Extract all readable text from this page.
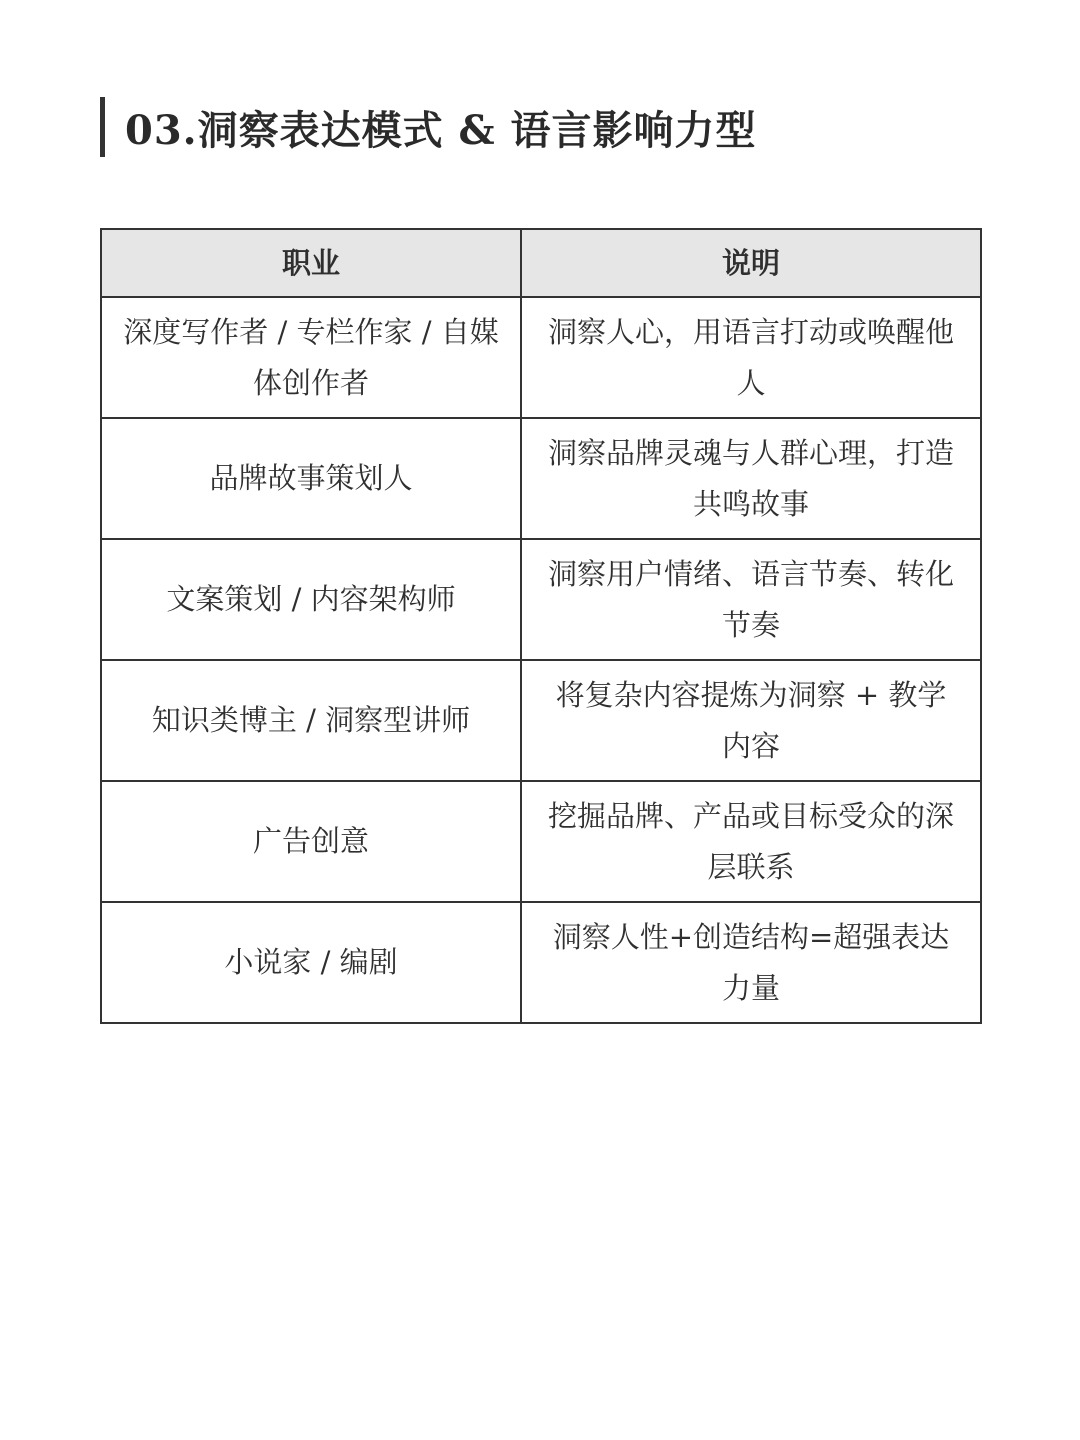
03.洞察表达模式 & 语言影响力型
职业	说明
深度写作者 / 专栏作家 / 自媒体创作者	洞察人心，用语言打动或唤醒他人
品牌故事策划人	洞察品牌灵魂与人群心理，打造共鸣故事
文案策划 / 内容架构师	洞察用户情绪、语言节奏、转化节奏
知识类博主 / 洞察型讲师	将复杂内容提炼为洞察 + 教学内容
广告创意	挖掘品牌、产品或目标受众的深层联系
小说家 / 编剧	洞察人性+创造结构=超强表达力量
